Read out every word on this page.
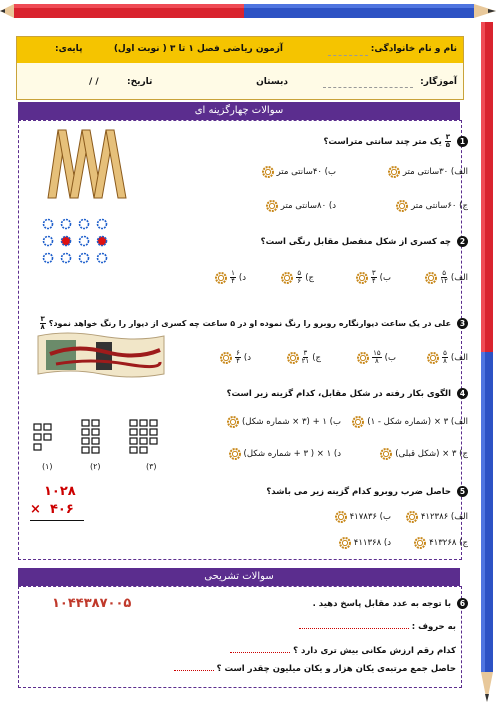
نام و نام خانوادگی:
آزمون ریاضی فصل ۱ تا ۳ ( نوبت اول)
پایه‌ی:
آموزگار:
دبستان
تاریخ:
/ /
سوالات چهارگزینه ای
1
$\frac{۳}{۵}$
یک متر چند سانتی متراست؟
الف) ۳۰سانتی متر
ب) ۴۰سانتی متر
ج) ۶۰سانتی متر
د) ۸۰سانتی متر
2 چه کسری از شکل منفصل مقابل رنگی است؟
الف)
$\frac{۵}{۱۲}$
ب)
$\frac{۳}{۴}$
ج)
$\frac{۵}{۶}$
د)
$\frac{۱}{۴}$
3 علی در یک ساعت دیوارنگاره روبرو را رنگ نموده او در ۵ ساعت چه کسری از دیوار را رنگ خواهد نمود؟
$\frac{۳}{۸}$
الف)
$\frac{۵}{۸}$
ب)
$\frac{۱۵}{۸}$
ج)
$\frac{۳}{۲۱}$
د)
$\frac{۶}{۴}$
4 الگوی بکار رفته در شکل مقابل، کدام گزینه زیر است؟
الف) ۳ × (شماره شکل - ۱)
ب) ۱ + (۳ × شماره شکل)
ج) ۳ × (شکل قبلی)
د) ۱ × ( ۳ + شماره شکل)
(۱)	(۲)	(۳)
5 حاصل ضرب روبرو کدام گزینه زیر می باشد؟
الف) ۴۱۲۳۸۶
ب) ۴۱۷۸۳۶
ج) ۴۱۳۲۶۸
د) ۴۱۱۳۶۸
۱۰۲۸
× ۴۰۶
سوالات تشریحی
6 با توجه به عدد مقابل پاسخ دهید .
۱۰۴۴۳۸۷۰۰۵
به حروف :
کدام رقم ارزش مکانی بیش تری دارد ؟
حاصل جمع مرتبه‌ی یکان هزار و یکان میلیون چقدر است ؟
